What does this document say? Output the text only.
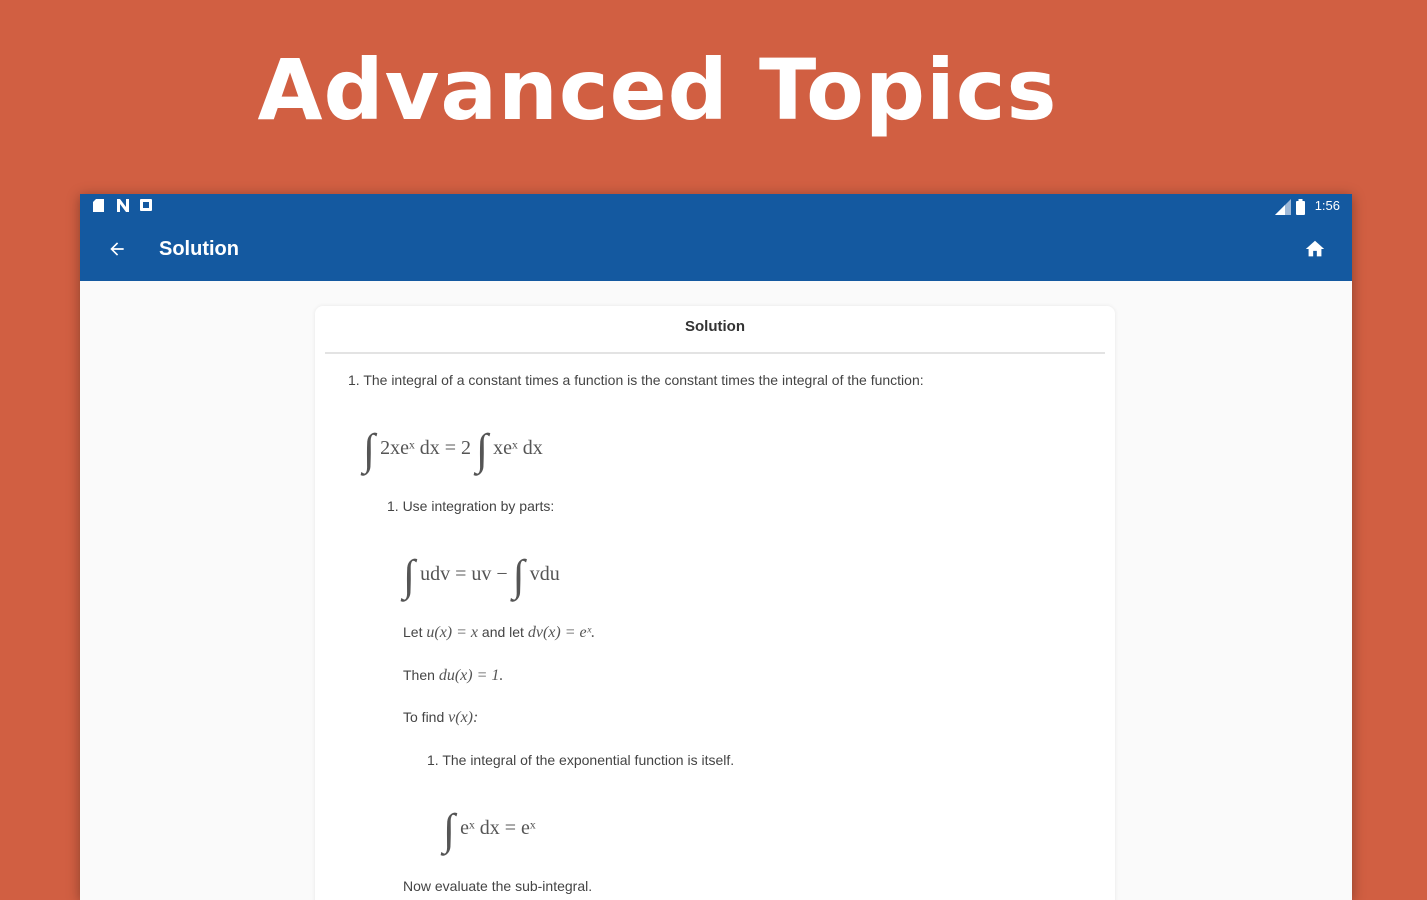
Advanced Topics
1:56
Solution
Solution
1. The integral of a constant times a function is the constant times the integral of the function:
∫ 2xeˣ dx = 2 ∫ xeˣ dx
1. Use integration by parts:
∫ udv = uv − ∫ vdu
Let u(x) = x and let dv(x) = eˣ.
Then du(x) = 1.
To find v(x):
1. The integral of the exponential function is itself.
∫ eˣ dx = eˣ
Now evaluate the sub-integral.
